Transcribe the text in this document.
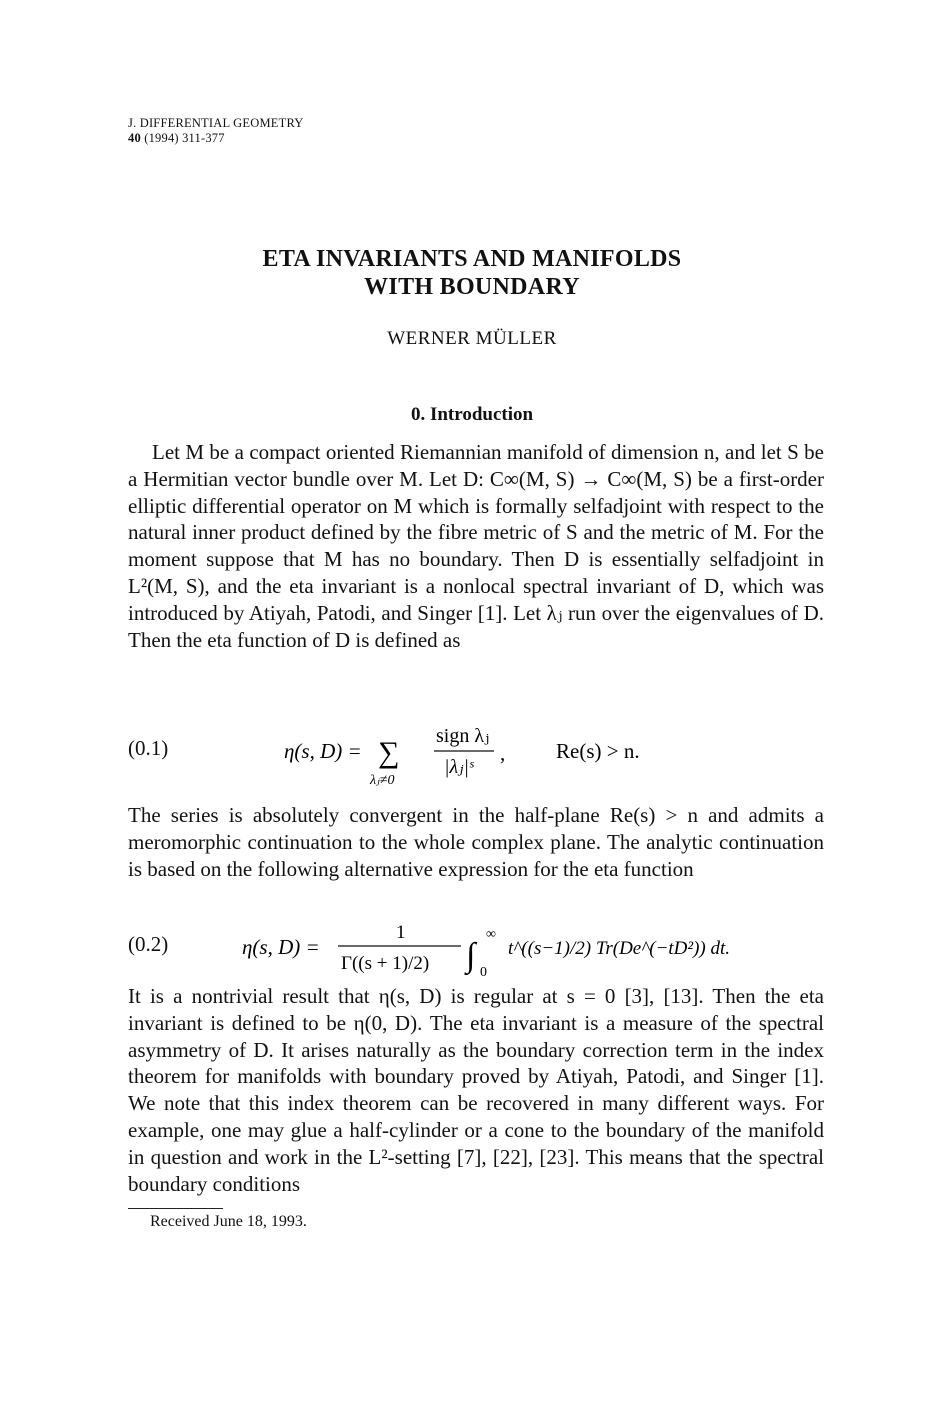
J. DIFFERENTIAL GEOMETRY
40 (1994) 311-377
ETA INVARIANTS AND MANIFOLDS
WITH BOUNDARY
WERNER MÜLLER
0. Introduction
Let M be a compact oriented Riemannian manifold of dimension n, and let S be a Hermitian vector bundle over M. Let D: C∞(M, S) → C∞(M, S) be a first-order elliptic differential operator on M which is formally selfadjoint with respect to the natural inner product defined by the fibre metric of S and the metric of M. For the moment suppose that M has no boundary. Then D is essentially selfadjoint in L²(M, S), and the eta invariant is a nonlocal spectral invariant of D, which was introduced by Atiyah, Patodi, and Singer [1]. Let λⱼ run over the eigenvalues of D. Then the eta function of D is defined as
(0.1)	η(s, D) = ∑
λⱼ≠0
sign λⱼ
|λⱼ|ˢ
, Re(s) > n.
The series is absolutely convergent in the half-plane Re(s) > n and admits a meromorphic continuation to the whole complex plane. The analytic continuation is based on the following alternative expression for the eta function
(0.2)	η(s, D) =
1
Γ((s + 1)/2) ∫
∞
0
t^((s−1)/2) Tr(De^(−tD²)) dt.
It is a nontrivial result that η(s, D) is regular at s = 0 [3], [13]. Then the eta invariant is defined to be η(0, D). The eta invariant is a measure of the spectral asymmetry of D. It arises naturally as the boundary correction term in the index theorem for manifolds with boundary proved by Atiyah, Patodi, and Singer [1]. We note that this index theorem can be recovered in many different ways. For example, one may glue a half-cylinder or a cone to the boundary of the manifold in question and work in the L²-setting [7], [22], [23]. This means that the spectral boundary conditions
Received June 18, 1993.
